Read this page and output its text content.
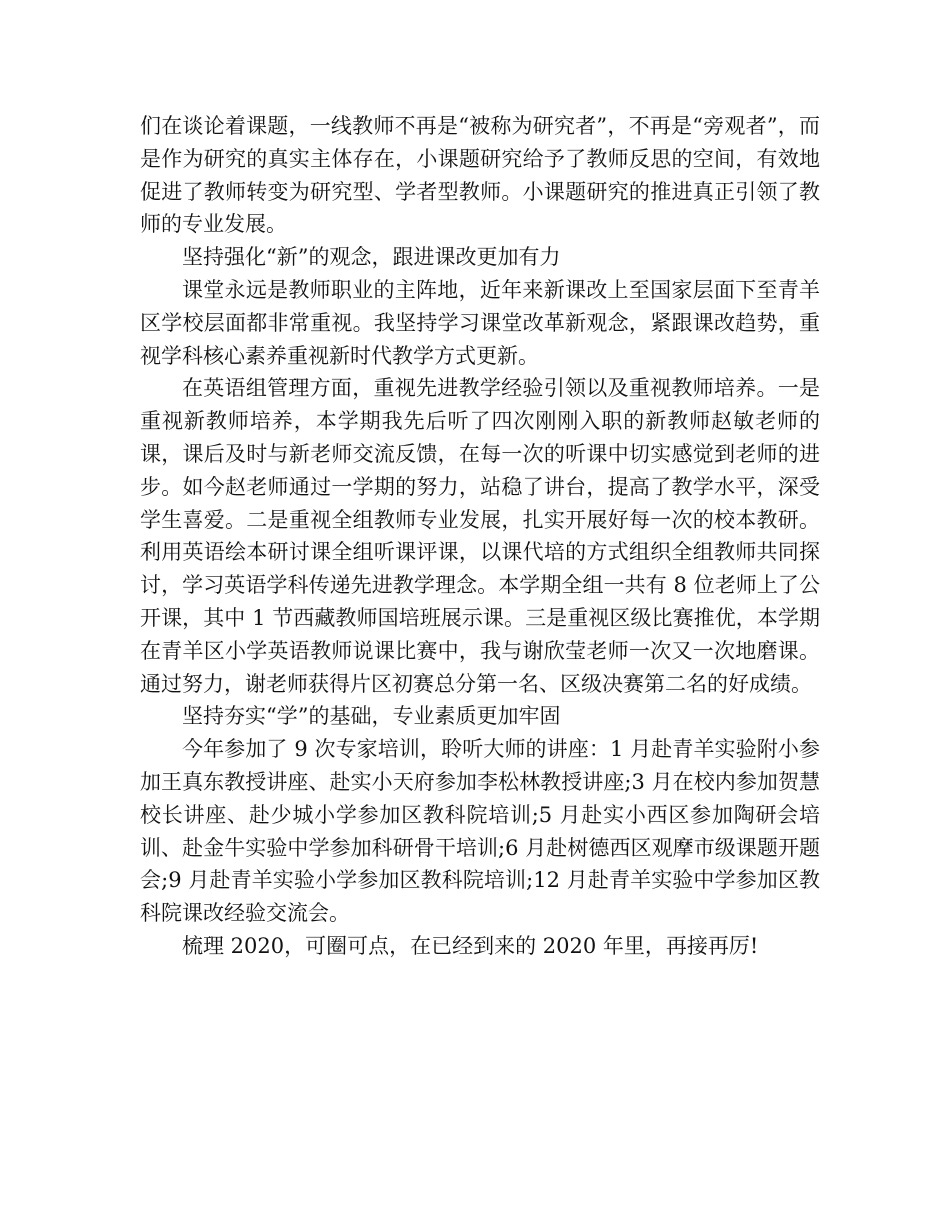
们在谈论着课题，一线教师不再是“被称为研究者”，不再是“旁观者”，而是作为研究的真实主体存在，小课题研究给予了教师反思的空间，有效地促进了教师转变为研究型、学者型教师。小课题研究的推进真正引领了教师的专业发展。

坚持强化“新”的观念，跟进课改更加有力

课堂永远是教师职业的主阵地，近年来新课改上至国家层面下至青羊区学校层面都非常重视。我坚持学习课堂改革新观念，紧跟课改趋势，重视学科核心素养重视新时代教学方式更新。

在英语组管理方面，重视先进教学经验引领以及重视教师培养。一是重视新教师培养，本学期我先后听了四次刚刚入职的新教师赵敏老师的课，课后及时与新老师交流反馈，在每一次的听课中切实感觉到老师的进步。如今赵老师通过一学期的努力，站稳了讲台，提高了教学水平，深受学生喜爱。二是重视全组教师专业发展，扎实开展好每一次的校本教研。利用英语绘本研讨课全组听课评课，以课代培的方式组织全组教师共同探讨，学习英语学科传递先进教学理念。本学期全组一共有 8 位老师上了公开课，其中 1 节西藏教师国培班展示课。三是重视区级比赛推优，本学期在青羊区小学英语教师说课比赛中，我与谢欣莹老师一次又一次地磨课。通过努力，谢老师获得片区初赛总分第一名、区级决赛第二名的好成绩。

坚持夯实“学”的基础，专业素质更加牢固

今年参加了 9 次专家培训，聆听大师的讲座：1 月赴青羊实验附小参加王真东教授讲座、赴实小天府参加李松林教授讲座;3 月在校内参加贺慧校长讲座、赴少城小学参加区教科院培训;5 月赴实小西区参加陶研会培训、赴金牛实验中学参加科研骨干培训;6 月赴树德西区观摩市级课题开题会;9 月赴青羊实验小学参加区教科院培训;12 月赴青羊实验中学参加区教科院课改经验交流会。

梳理 2020，可圈可点，在已经到来的 2020 年里，再接再厉!
